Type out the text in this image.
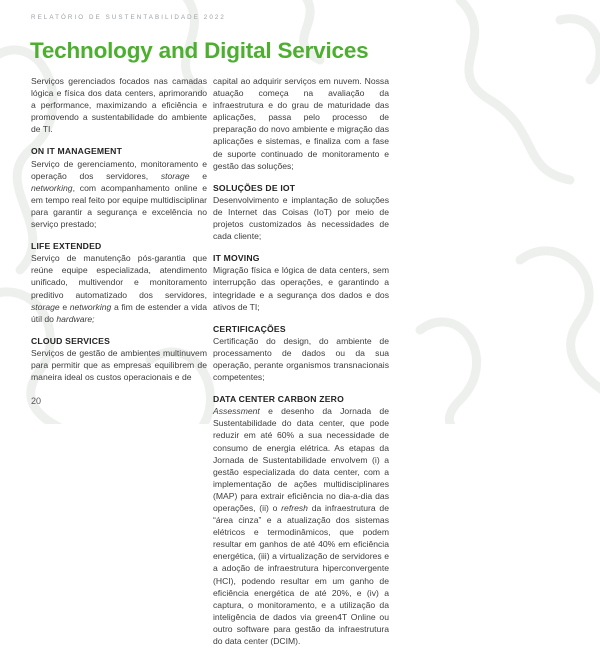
RELATÓRIO DE SUSTENTABILIDADE 2022
Technology and Digital Services

Serviços gerenciados focados nas camadas lógica e física dos data centers, aprimorando a performance, maximizando a eficiência e promovendo a sustentabilidade do ambiente de TI.

ON IT MANAGEMENT

Serviço de gerenciamento, monitoramento e operação dos servidores, storage e networking, com acompanhamento online e em tempo real feito por equipe multidisciplinar para garantir a segurança e excelência no serviço prestado;

LIFE EXTENDED

Serviço de manutenção pós-garantia que reúne equipe especializada, atendimento unificado, multivendor e monitoramento preditivo automatizado dos servidores, storage e networking a fim de estender a vida útil do hardware;

CLOUD SERVICES

Serviços de gestão de ambientes multinuvem para permitir que as empresas equilibrem de maneira ideal os custos operacionais e de

capital ao adquirir serviços em nuvem. Nossa atuação começa na avaliação da infraestrutura e do grau de maturidade das aplicações, passa pelo processo de preparação do novo ambiente e migração das aplicações e sistemas, e finaliza com a fase de suporte continuado de monitoramento e gestão das soluções;

SOLUÇÕES DE IOT

Desenvolvimento e implantação de soluções de Internet das Coisas (IoT) por meio de projetos customizados às necessidades de cada cliente;

IT MOVING

Migração física e lógica de data centers, sem interrupção das operações, e garantindo a integridade e a segurança dos dados e dos ativos de TI;

CERTIFICAÇÕES

Certificação do design, do ambiente de processamento de dados ou da sua operação, perante organismos transnacionais competentes;

DATA CENTER CARBON ZERO

Assessment e desenho da Jornada de Sustentabilidade do data center, que pode reduzir em até 60% a sua necessidade de consumo de energia elétrica. As etapas da Jornada de Sustentabilidade envolvem (i) a gestão especializada do data center, com a implementação de ações multidisciplinares (MAP) para extrair eficiência no dia-a-dia das operações, (ii) o refresh da infraestrutura de “área cinza” e a atualização dos sistemas elétricos e termodinâmicos, que podem resultar em ganhos de até 40% em eficiência energética, (iii) a virtualização de servidores e a adoção de infraestrutura hiperconvergente (HCI), podendo resultar em um ganho de eficiência energética de até 20%, e (iv) a captura, o monitoramento, e a utilização da inteligência de dados via green4T Online ou outro software para gestão da infraestrutura do data center (DCIM).

20
